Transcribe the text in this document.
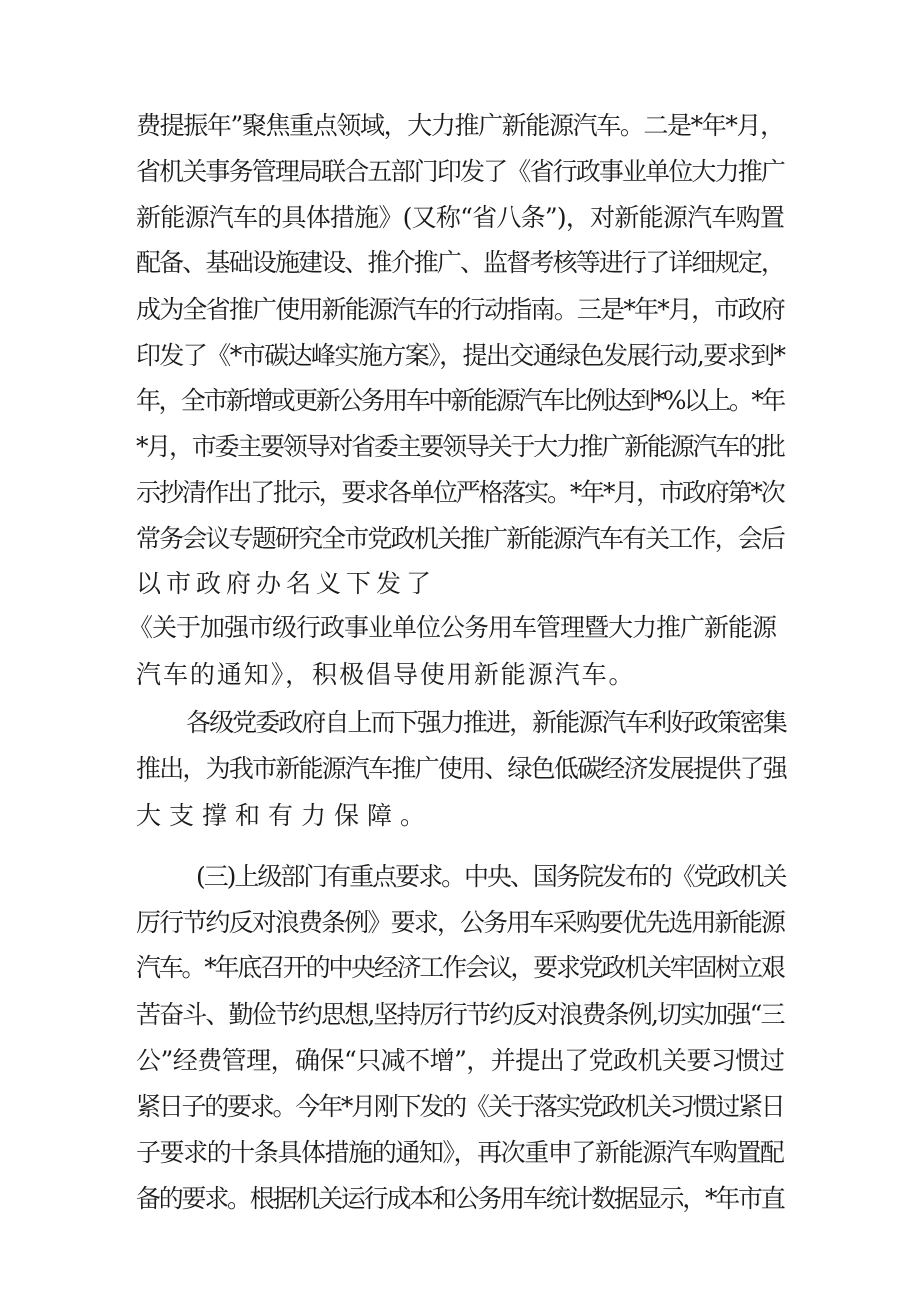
费提振年”聚焦重点领域，大力推广新能源汽车。二是*年*月，
省机关事务管理局联合五部门印发了《省行政事业单位大力推广
新能源汽车的具体措施》(又称“省八条”)，对新能源汽车购置
配备、基础设施建设、推介推广、监督考核等进行了详细规定，
成为全省推广使用新能源汽车的行动指南。三是*年*月，市政府
印发了《*市碳达峰实施方案》，提出交通绿色发展行动,要求到*
年，全市新增或更新公务用车中新能源汽车比例达到*%以上。*年
*月，市委主要领导对省委主要领导关于大力推广新能源汽车的批
示抄清作出了批示，要求各单位严格落实。*年*月，市政府第*次
常务会议专题研究全市党政机关推广新能源汽车有关工作，会后
以市政府办名义下发了
《关于加强市级行政事业单位公务用车管理暨大力推广新能源
汽车的通知》，积极倡导使用新能源汽车。
各级党委政府自上而下强力推进，新能源汽车利好政策密集
推出，为我市新能源汽车推广使用、绿色低碳经济发展提供了强
大支撑和有力保障。
(三)上级部门有重点要求。中央、国务院发布的《党政机关
厉行节约反对浪费条例》要求，公务用车采购要优先选用新能源
汽车。*年底召开的中央经济工作会议，要求党政机关牢固树立艰
苦奋斗、勤俭节约思想,坚持厉行节约反对浪费条例,切实加强“三
公”经费管理，确保“只减不增”，并提出了党政机关要习惯过
紧日子的要求。今年*月刚下发的《关于落实党政机关习惯过紧日
子要求的十条具体措施的通知》，再次重申了新能源汽车购置配
备的要求。根据机关运行成本和公务用车统计数据显示，*年市直
